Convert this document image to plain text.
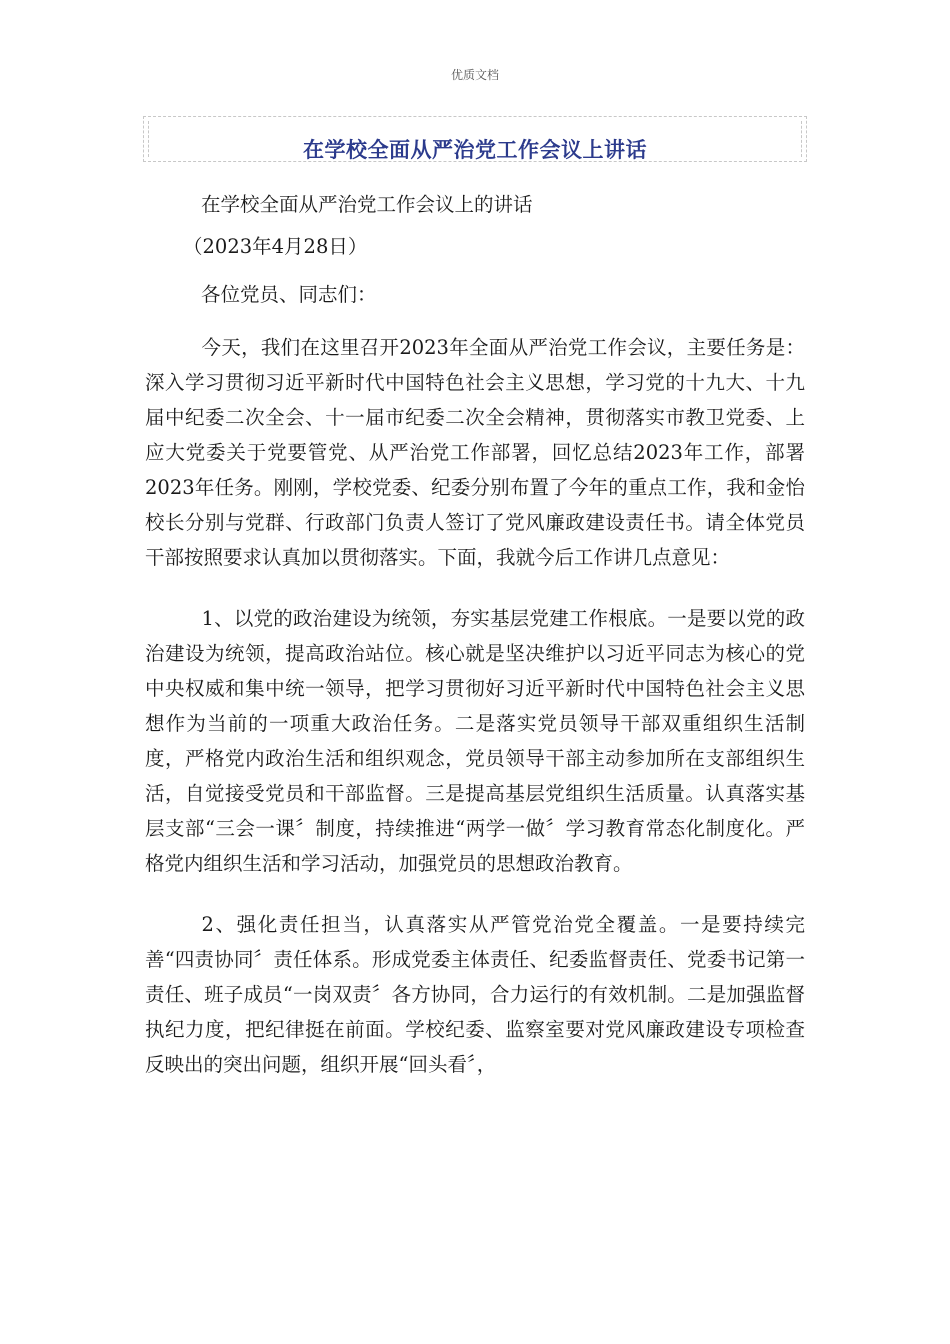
优质文档
在学校全面从严治党工作会议上讲话

在学校全面从严治党工作会议上的讲话

（2023年4月28日）

各位党员、同志们：

今天，我们在这里召开2023年全面从严治党工作会议，主要任务是：深入学习贯彻习近平新时代中国特色社会主义思想，学习党的十九大、十九届中纪委二次全会、十一届市纪委二次全会精神，贯彻落实市教卫党委、上应大党委关于党要管党、从严治党工作部署，回忆总结2023年工作，部署2023年任务。刚刚，学校党委、纪委分别布置了今年的重点工作，我和金怡校长分别与党群、行政部门负责人签订了党风廉政建设责任书。请全体党员干部按照要求认真加以贯彻落实。下面，我就今后工作讲几点意见：

1、以党的政治建设为统领，夯实基层党建工作根底。一是要以党的政治建设为统领，提高政治站位。核心就是坚决维护以习近平同志为核心的党中央权威和集中统一领导，把学习贯彻好习近平新时代中国特色社会主义思想作为当前的一项重大政治任务。二是落实党员领导干部双重组织生活制度，严格党内政治生活和组织观念，党员领导干部主动参加所在支部组织生活，自觉接受党员和干部监督。三是提高基层党组织生活质量。认真落实基层支部“三会一课〞制度，持续推进“两学一做〞学习教育常态化制度化。严格党内组织生活和学习活动，加强党员的思想政治教育。

2、强化责任担当，认真落实从严管党治党全覆盖。一是要持续完善“四责协同〞责任体系。形成党委主体责任、纪委监督责任、党委书记第一责任、班子成员“一岗双责〞各方协同，合力运行的有效机制。二是加强监督执纪力度，把纪律挺在前面。学校纪委、监察室要对党风廉政建设专项检查反映出的突出问题，组织开展“回头看〞，
